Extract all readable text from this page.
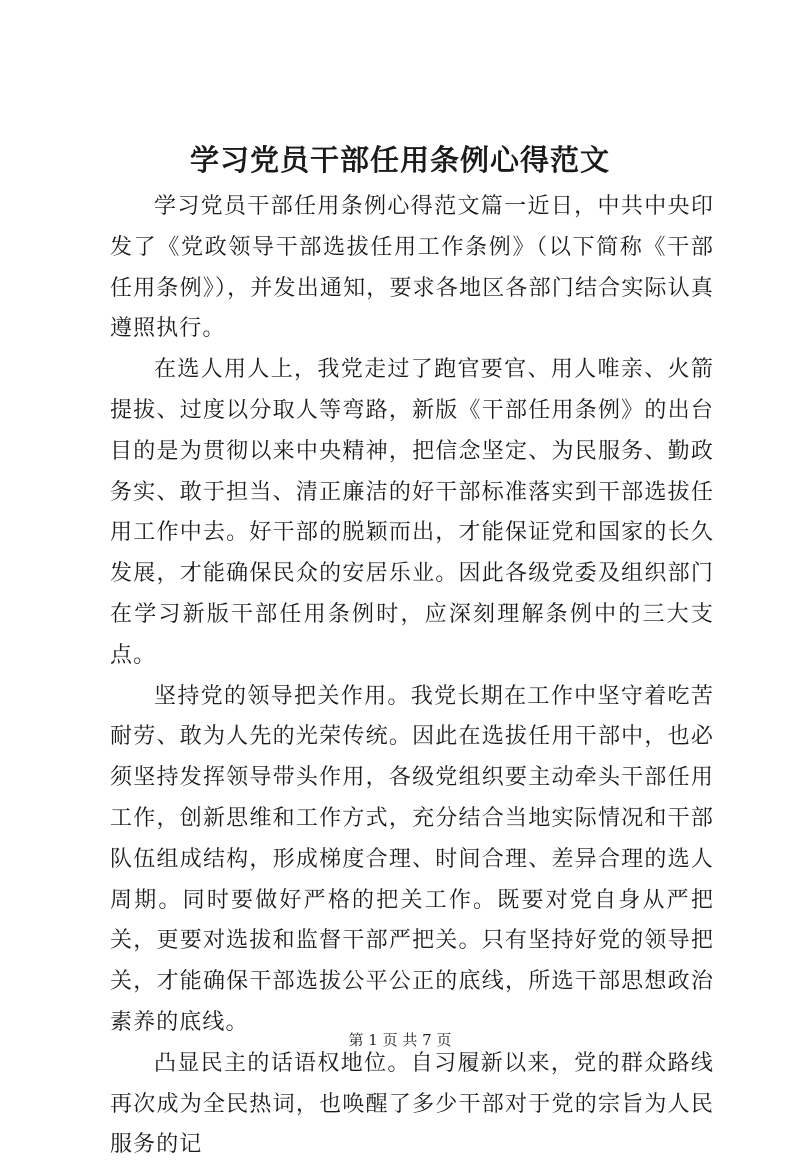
学习党员干部任用条例心得范文

学习党员干部任用条例心得范文篇一近日，中共中央印发了《党政领导干部选拔任用工作条例》（以下简称《干部任用条例》），并发出通知，要求各地区各部门结合实际认真遵照执行。

在选人用人上，我党走过了跑官要官、用人唯亲、火箭提拔、过度以分取人等弯路，新版《干部任用条例》的出台目的是为贯彻以来中央精神，把信念坚定、为民服务、勤政务实、敢于担当、清正廉洁的好干部标准落实到干部选拔任用工作中去。好干部的脱颖而出，才能保证党和国家的长久发展，才能确保民众的安居乐业。因此各级党委及组织部门在学习新版干部任用条例时，应深刻理解条例中的三大支点。

坚持党的领导把关作用。我党长期在工作中坚守着吃苦耐劳、敢为人先的光荣传统。因此在选拔任用干部中，也必须坚持发挥领导带头作用，各级党组织要主动牵头干部任用工作，创新思维和工作方式，充分结合当地实际情况和干部队伍组成结构，形成梯度合理、时间合理、差异合理的选人周期。同时要做好严格的把关工作。既要对党自身从严把关，更要对选拔和监督干部严把关。只有坚持好党的领导把关，才能确保干部选拔公平公正的底线，所选干部思想政治素养的底线。

凸显民主的话语权地位。自习履新以来，党的群众路线再次成为全民热词，也唤醒了多少干部对于党的宗旨为人民服务的记

第 1 页 共 7 页
